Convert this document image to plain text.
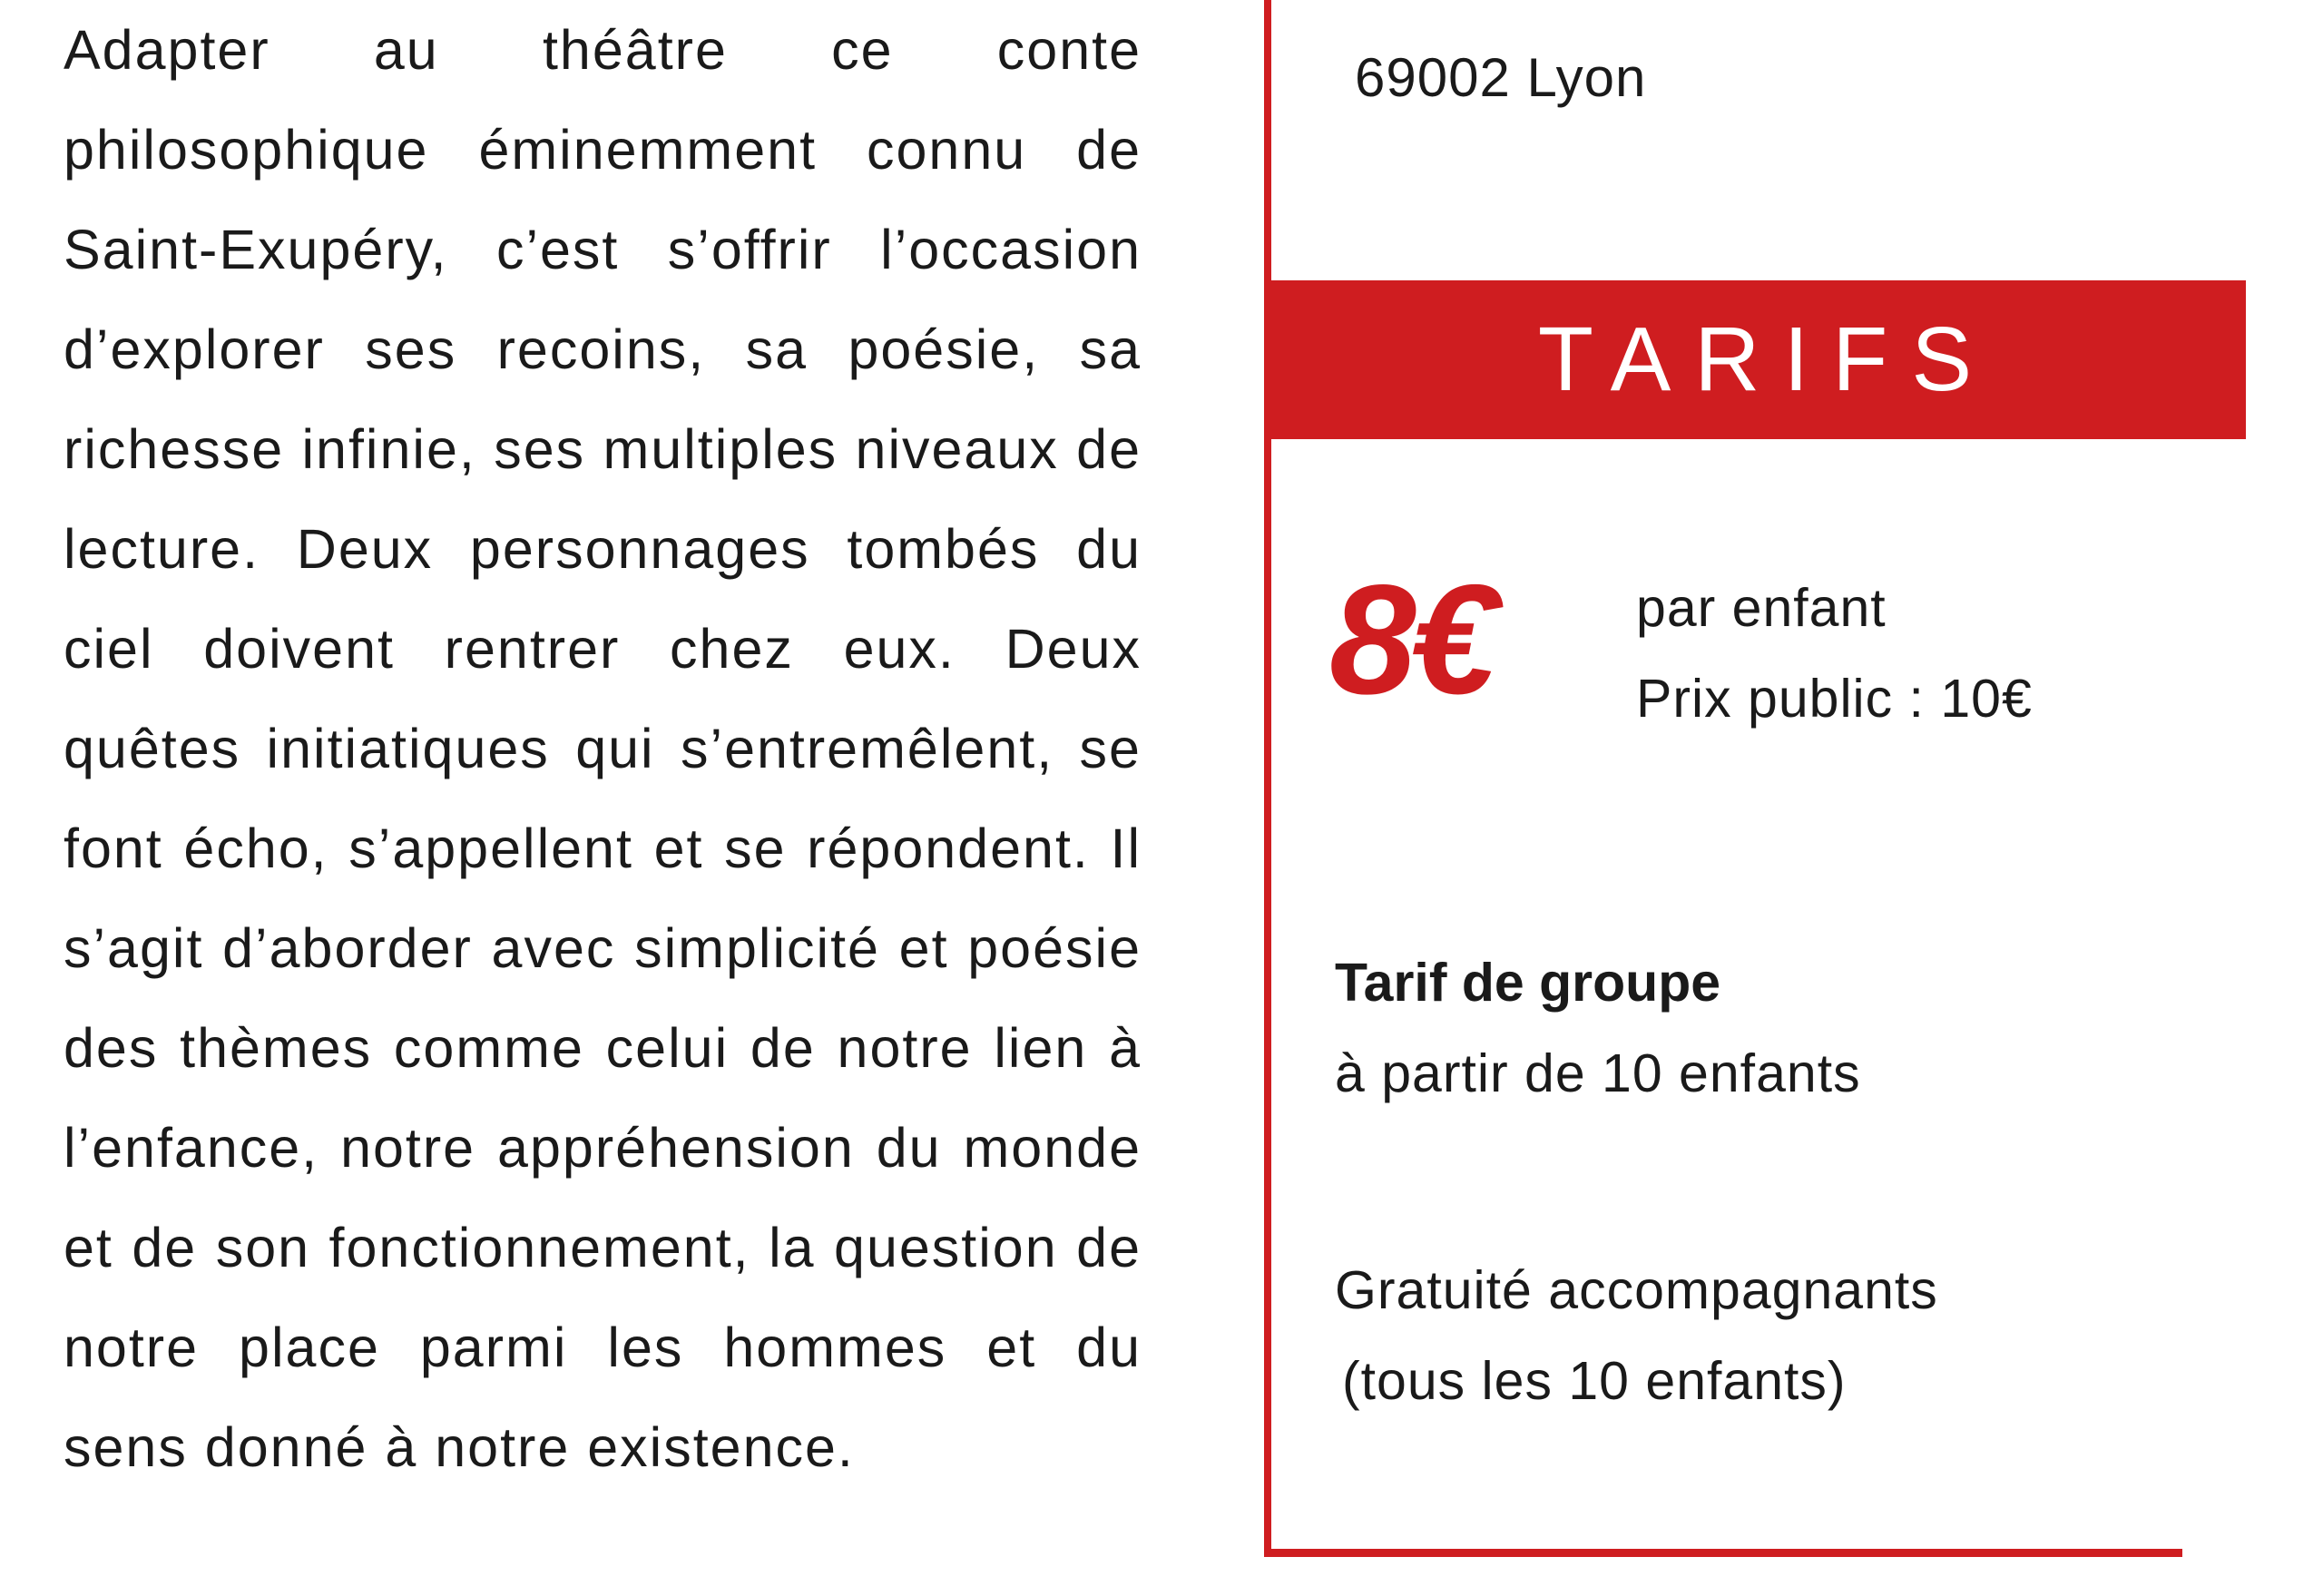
Adapter au théâtre ce conte philosophique éminemment connu de Saint-Exupéry, c’est s’offrir l’occasion d’explorer ses recoins, sa poésie, sa richesse infinie, ses multiples niveaux de lecture. Deux personnages tombés du ciel doivent rentrer chez eux. Deux quêtes initiatiques qui s’entremêlent, se font écho, s’appellent et se répondent. Il s’agit d’aborder avec simplicité et poésie des thèmes comme celui de notre lien à l’enfance, notre appréhension du monde et de son fonctionnement, la question de notre place parmi les hommes et du sens donné à notre existence.

69002 Lyon
TARIFS
8€	par enfant
Prix public : 10€
Tarif de groupe
à partir de 10 enfants
Gratuité accompagnants
(tous les 10 enfants)
